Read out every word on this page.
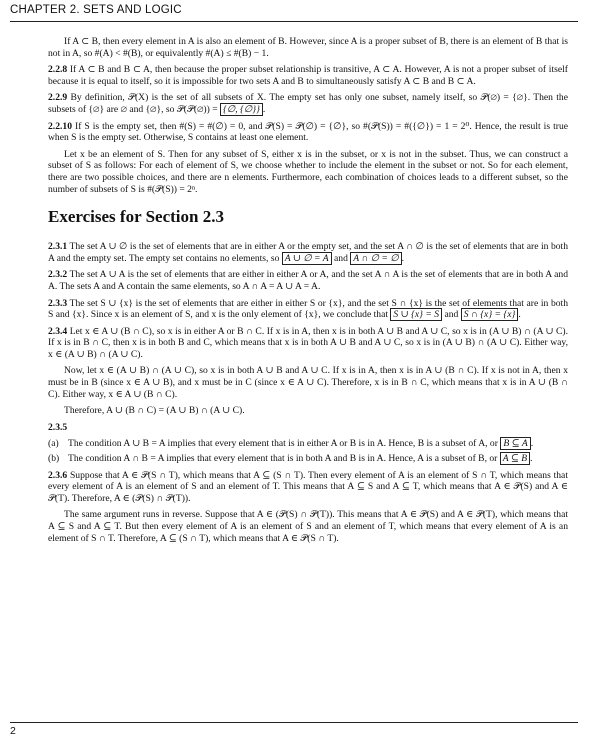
CHAPTER 2. SETS AND LOGIC

If A ⊂ B, then every element in A is also an element of B. However, since A is a proper subset of B, there is an element of B that is not in A, so #(A) < #(B), or equivalently #(A) ≤ #(B) − 1.

2.2.8 If A ⊂ B and B ⊂ A, then because the proper subset relationship is transitive, A ⊂ A. However, A is not a proper subset of itself because it is equal to itself, so it is impossible for two sets A and B to simultaneously satisfy A ⊂ B and B ⊂ A.

2.2.9 By definition, 𝒫(X) is the set of all subsets of X. The empty set has only one subset, namely itself, so 𝒫(∅) = {∅}. Then the subsets of {∅} are ∅ and {∅}, so 𝒫(𝒫(∅)) = {∅, {∅}} .

2.2.10 If S is the empty set, then #(S) = #(∅) = 0, and 𝒫(S) = 𝒫(∅) = {∅}, so #(𝒫(S)) = #({∅}) = 1 = 2⁰. Hence, the result is true when S is the empty set. Otherwise, S contains at least one element.

Let x be an element of S. Then for any subset of S, either x is in the subset, or x is not in the subset. Thus, we can construct a subset of S as follows: For each of element of S, we choose whether to include the element in the subset or not. So for each element, there are two possible choices, and there are n elements. Furthermore, each combination of choices leads to a different subset, so the number of subsets of S is #(𝒫(S)) = 2ⁿ.

Exercises for Section 2.3

2.3.1 The set A ∪ ∅ is the set of elements that are in either A or the empty set, and the set A ∩ ∅ is the set of elements that are in both A and the empty set. The empty set contains no elements, so A ∪ ∅ = A and A ∩ ∅ = ∅ .

2.3.2 The set A ∪ A is the set of elements that are either in either A or A, and the set A ∩ A is the set of elements that are in both A and A. The sets A and A contain the same elements, so A ∩ A = A ∪ A = A.

2.3.3 The set S ∪ {x} is the set of elements that are either in either S or {x}, and the set S ∩ {x} is the set of elements that are in both S and {x}. Since x is an element of S, and x is the only element of {x}, we conclude that S ∪ {x} = S and S ∩ {x} = {x} .

2.3.4 Let x ∈ A ∪ (B ∩ C), so x is in either A or B ∩ C. If x is in A, then x is in both A ∪ B and A ∪ C, so x is in (A ∪ B) ∩ (A ∪ C). If x is in B ∩ C, then x is in both B and C, which means that x is in both A ∪ B and A ∪ C, so x is in (A ∪ B) ∩ (A ∪ C). Either way, x ∈ (A ∪ B) ∩ (A ∪ C).

Now, let x ∈ (A ∪ B) ∩ (A ∪ C), so x is in both A ∪ B and A ∪ C. If x is in A, then x is in A ∪ (B ∩ C). If x is not in A, then x must be in B (since x ∈ A ∪ B), and x must be in C (since x ∈ A ∪ C). Therefore, x is in B ∩ C, which means that x is in A ∪ (B ∩ C). Either way, x ∈ A ∪ (B ∩ C).

Therefore, A ∪ (B ∩ C) = (A ∪ B) ∩ (A ∪ C).

2.3.5

(a) The condition A ∪ B = A implies that every element that is in either A or B is in A. Hence, B is a subset of A, or B ⊆ A .
(b) The condition A ∩ B = A implies that every element that is in both A and B is in A. Hence, A is a subset of B, or A ⊆ B .

2.3.6 Suppose that A ∈ 𝒫(S ∩ T), which means that A ⊆ (S ∩ T). Then every element of A is an element of S ∩ T, which means that every element of A is an element of S and an element of T. This means that A ⊆ S and A ⊆ T, which means that A ∈ 𝒫(S) and A ∈ 𝒫(T). Therefore, A ∈ (𝒫(S) ∩ 𝒫(T)).

The same argument runs in reverse. Suppose that A ∈ (𝒫(S) ∩ 𝒫(T)). This means that A ∈ 𝒫(S) and A ∈ 𝒫(T), which means that A ⊆ S and A ⊆ T. But then every element of A is an element of S and an element of T, which means that every element of A is an element of S ∩ T. Therefore, A ⊆ (S ∩ T), which means that A ∈ 𝒫(S ∩ T).

2
